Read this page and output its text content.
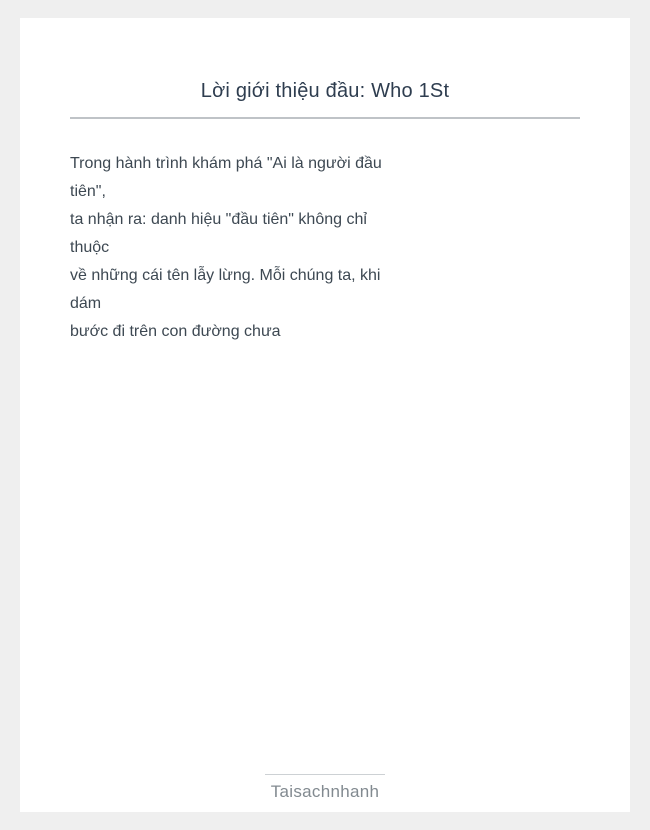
Lời giới thiệu đầu: Who 1St
Trong hành trình khám phá "Ai là người đầu
tiên",
ta nhận ra: danh hiệu "đầu tiên" không chỉ
thuộc
về những cái tên lẫy lừng. Mỗi chúng ta, khi
dám
bước đi trên con đường chưa
Taisachnhanh
